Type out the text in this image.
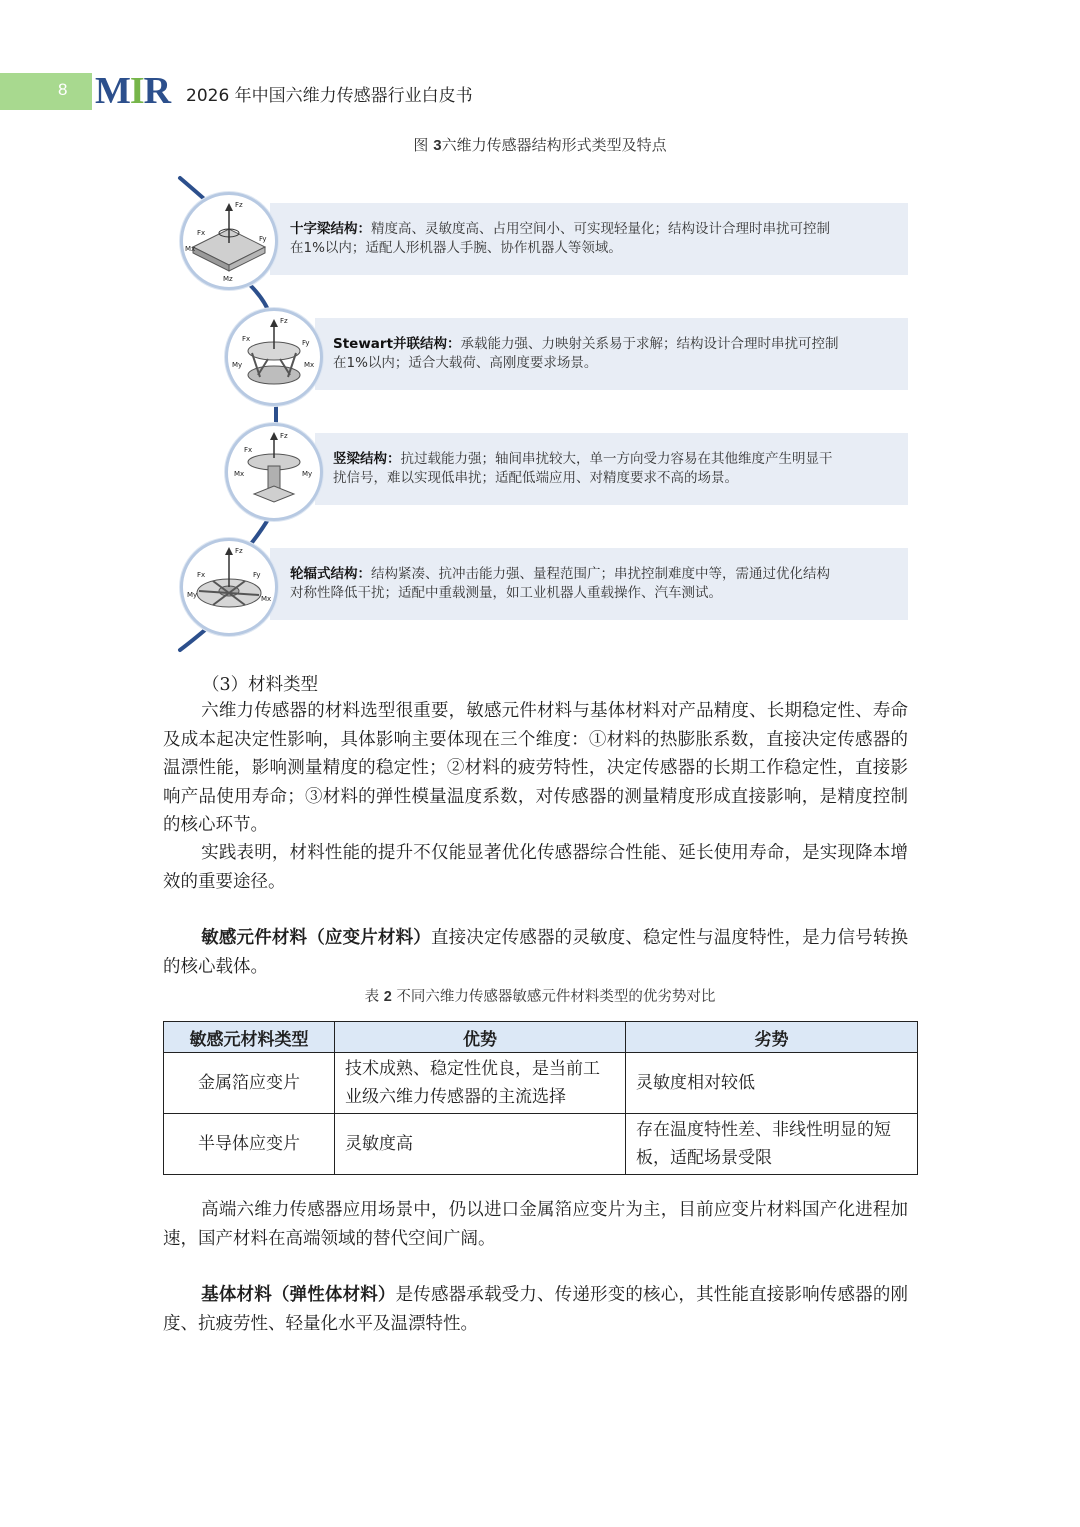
8 MIR 2026 年中国六维力传感器行业白皮书
图 3六维力传感器结构形式类型及特点
十字梁结构：精度高、灵敏度高、占用空间小、可实现轻量化；结构设计合理时串扰可控制
在1%以内；适配人形机器人手腕、协作机器人等领域。
Fz
Fx
Fy
Mx
Mz
Stewart并联结构：承载能力强、力映射关系易于求解；结构设计合理时串扰可控制
在1%以内；适合大载荷、高刚度要求场景。
Fz
Fx	Fy
My	Mx
竖梁结构：抗过载能力强；轴间串扰较大，单一方向受力容易在其他维度产生明显干
扰信号，难以实现低串扰；适配低端应用、对精度要求不高的场景。
Fz
Fx
Mx	My
轮辐式结构：结构紧凑、抗冲击能力强、量程范围广；串扰控制难度中等，需通过优化结构
对称性降低干扰；适配中重载测量，如工业机器人重载操作、汽车测试。
Fz
Fx	Fy
My	Mx
（3）材料类型
六维力传感器的材料选型很重要，敏感元件材料与基体材料对产品精度、长期稳定性、寿命及成本起决定性影响，具体影响主要体现在三个维度：①材料的热膨胀系数，直接决定传感器的温漂性能，影响测量精度的稳定性；②材料的疲劳特性，决定传感器的长期工作稳定性，直接影响产品使用寿命；③材料的弹性模量温度系数，对传感器的测量精度形成直接影响，是精度控制的核心环节。
实践表明，材料性能的提升不仅能显著优化传感器综合性能、延长使用寿命，是实现降本增效的重要途径。
敏感元件材料（应变片材料）直接决定传感器的灵敏度、稳定性与温度特性，是力信号转换的核心载体。
表 2 不同六维力传感器敏感元件材料类型的优劣势对比
敏感元材料类型	优势	劣势
金属箔应变片	技术成熟、稳定性优良，是当前工业级六维力传感器的主流选择	灵敏度相对较低
半导体应变片	灵敏度高	存在温度特性差、非线性明显的短板，适配场景受限
高端六维力传感器应用场景中，仍以进口金属箔应变片为主，目前应变片材料国产化进程加速，国产材料在高端领域的替代空间广阔。
基体材料（弹性体材料）是传感器承载受力、传递形变的核心，其性能直接影响传感器的刚度、抗疲劳性、轻量化水平及温漂特性。
